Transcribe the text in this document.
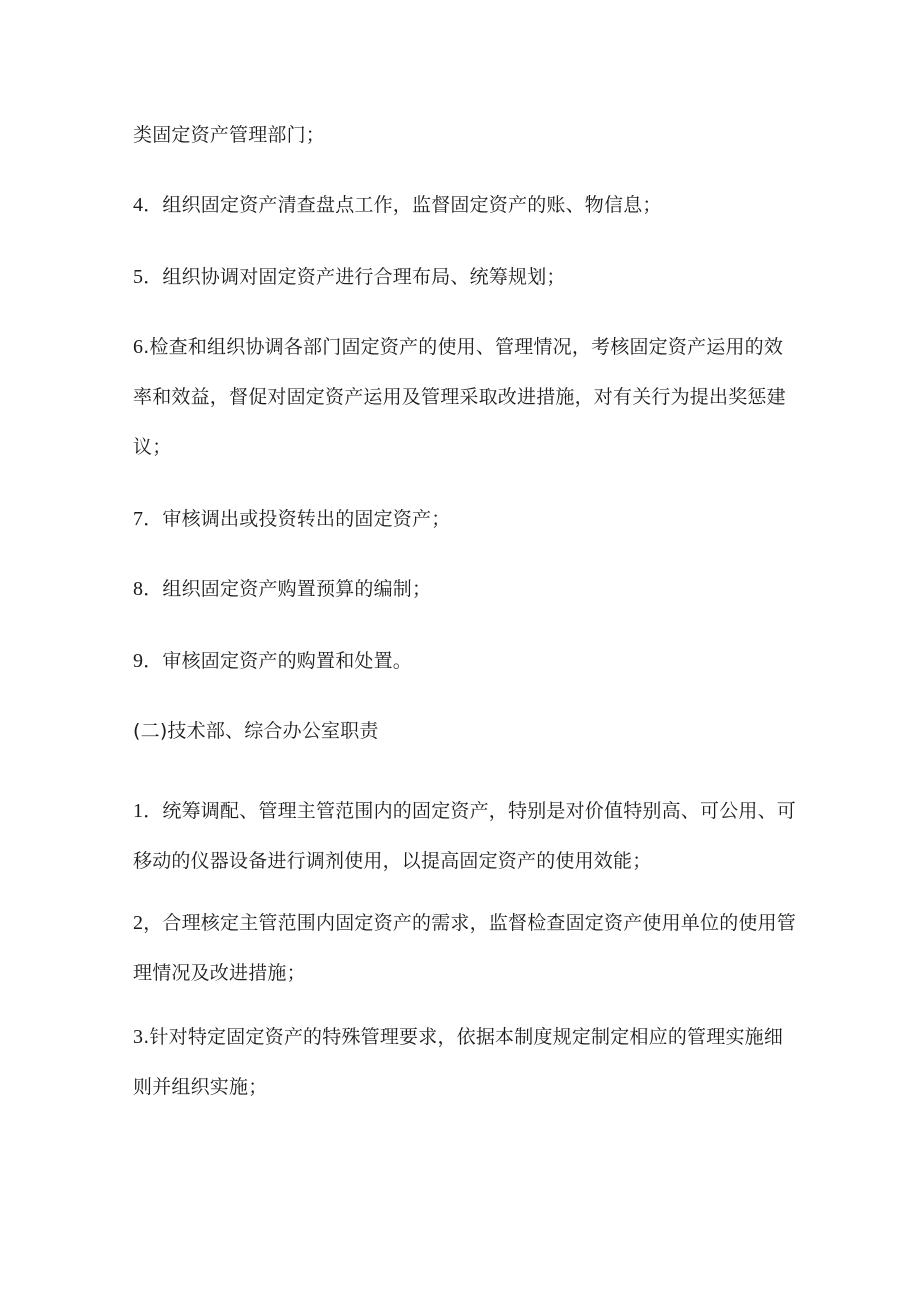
类固定资产管理部门；

4．组织固定资产清查盘点工作，监督固定资产的账、物信息；

5．组织协调对固定资产进行合理布局、统筹规划；

6.检查和组织协调各部门固定资产的使用、管理情况，考核固定资产运用的效率和效益，督促对固定资产运用及管理采取改进措施，对有关行为提出奖惩建议；

7．审核调出或投资转出的固定资产；

8．组织固定资产购置预算的编制；

9．审核固定资产的购置和处置。

(二)技术部、综合办公室职责

1．统筹调配、管理主管范围内的固定资产，特别是对价值特别高、可公用、可移动的仪器设备进行调剂使用，以提高固定资产的使用效能；

2，合理核定主管范围内固定资产的需求，监督检查固定资产使用单位的使用管理情况及改进措施；

3.针对特定固定资产的特殊管理要求，依据本制度规定制定相应的管理实施细则并组织实施；
